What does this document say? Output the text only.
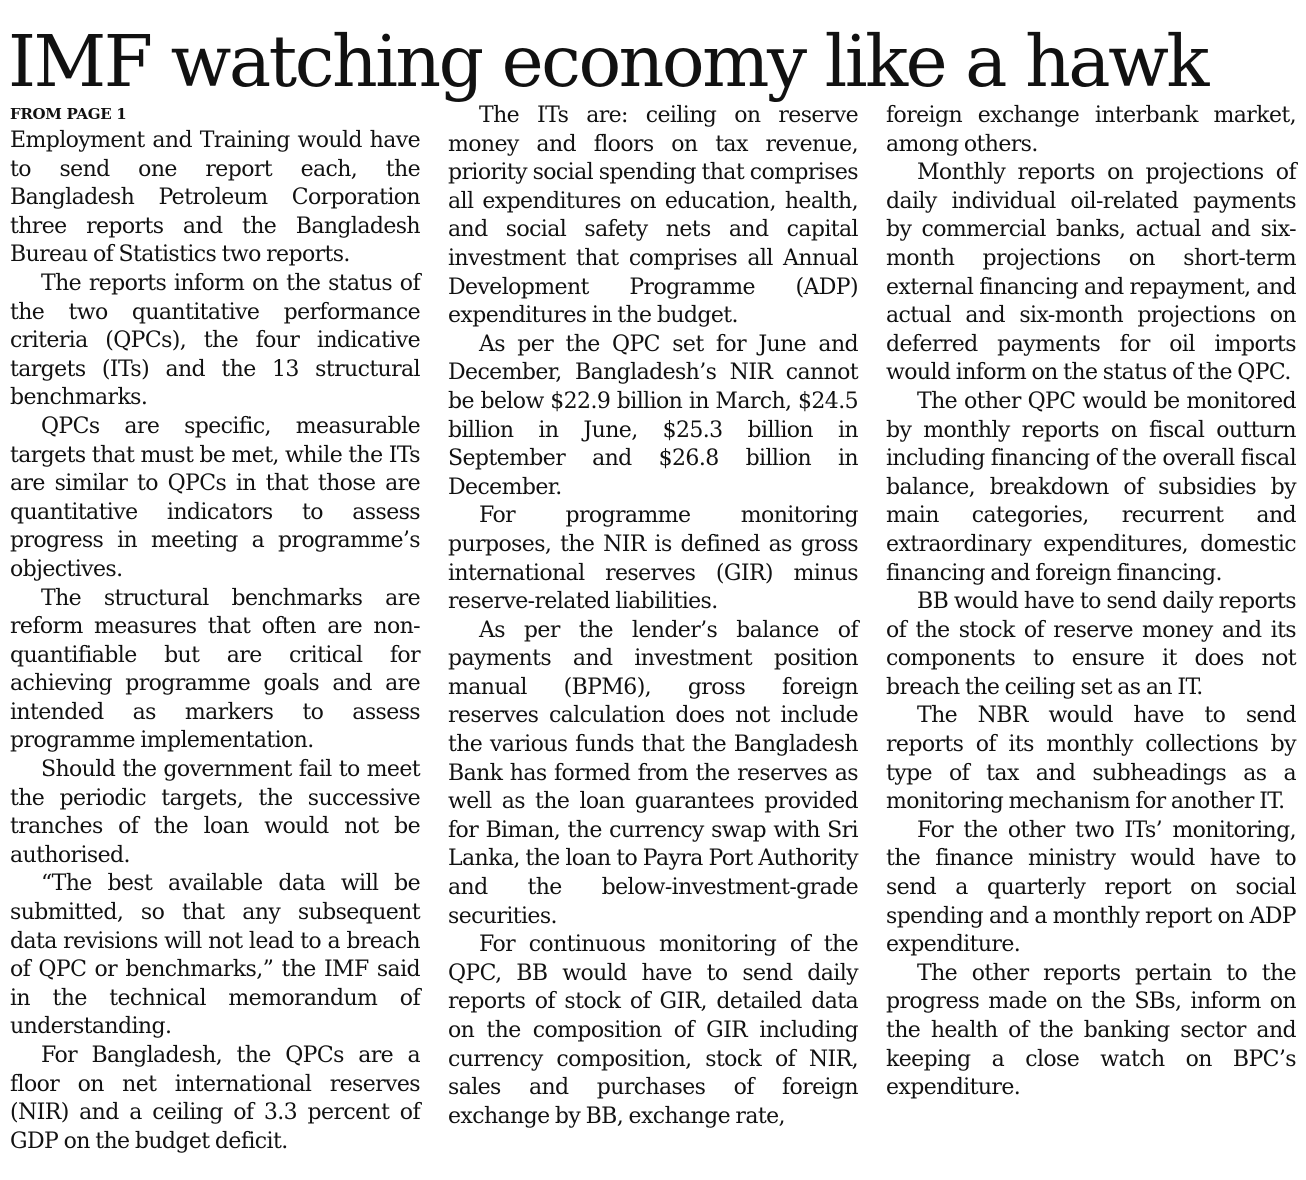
IMF watching economy like a hawk
FROM PAGE 1

Employment and Training would have to send one report each, the Bangladesh Petroleum Corporation three reports and the Bangladesh Bureau of Statistics two reports.

The reports inform on the status of the two quantitative performance criteria (QPCs), the four indicative targets (ITs) and the 13 structural benchmarks.

QPCs are specific, measurable targets that must be met, while the ITs are similar to QPCs in that those are quantitative indicators to assess progress in meeting a programme’s objectives.

The structural benchmarks are reform measures that often are non-quantifiable but are critical for achieving programme goals and are intended as markers to assess programme implementation.

Should the government fail to meet the periodic targets, the successive tranches of the loan would not be authorised.

“The best available data will be submitted, so that any subsequent data revisions will not lead to a breach of QPC or benchmarks,” the IMF said in the technical memorandum of understanding.

For Bangladesh, the QPCs are a floor on net international reserves (NIR) and a ceiling of 3.3 percent of GDP on the budget deficit.

The ITs are: ceiling on reserve money and floors on tax revenue, priority social spending that comprises all expenditures on education, health, and social safety nets and capital investment that comprises all Annual Development Programme (ADP) expenditures in the budget.

As per the QPC set for June and December, Bangladesh’s NIR cannot be below $22.9 billion in March, $24.5 billion in June, $25.3 billion in September and $26.8 billion in December.

For programme monitoring purposes, the NIR is defined as gross international reserves (GIR) minus reserve-related liabilities.

As per the lender’s balance of payments and investment position manual (BPM6), gross foreign reserves calculation does not include the various funds that the Bangladesh Bank has formed from the reserves as well as the loan guarantees provided for Biman, the currency swap with Sri Lanka, the loan to Payra Port Authority and the below-investment-grade securities.

For continuous monitoring of the QPC, BB would have to send daily reports of stock of GIR, detailed data on the composition of GIR including currency composition, stock of NIR, sales and purchases of foreign exchange by BB, exchange rate,

foreign exchange interbank market, among others.

Monthly reports on projections of daily individual oil-related payments by commercial banks, actual and six-month projections on short-term external financing and repayment, and actual and six-month projections on deferred payments for oil imports would inform on the status of the QPC.

The other QPC would be monitored by monthly reports on fiscal outturn including financing of the overall fiscal balance, breakdown of subsidies by main categories, recurrent and extraordinary expenditures, domestic financing and foreign financing.

BB would have to send daily reports of the stock of reserve money and its components to ensure it does not breach the ceiling set as an IT.

The NBR would have to send reports of its monthly collections by type of tax and subheadings as a monitoring mechanism for another IT.

For the other two ITs’ monitoring, the finance ministry would have to send a quarterly report on social spending and a monthly report on ADP expenditure.

The other reports pertain to the progress made on the SBs, inform on the health of the banking sector and keeping a close watch on BPC’s expenditure.
